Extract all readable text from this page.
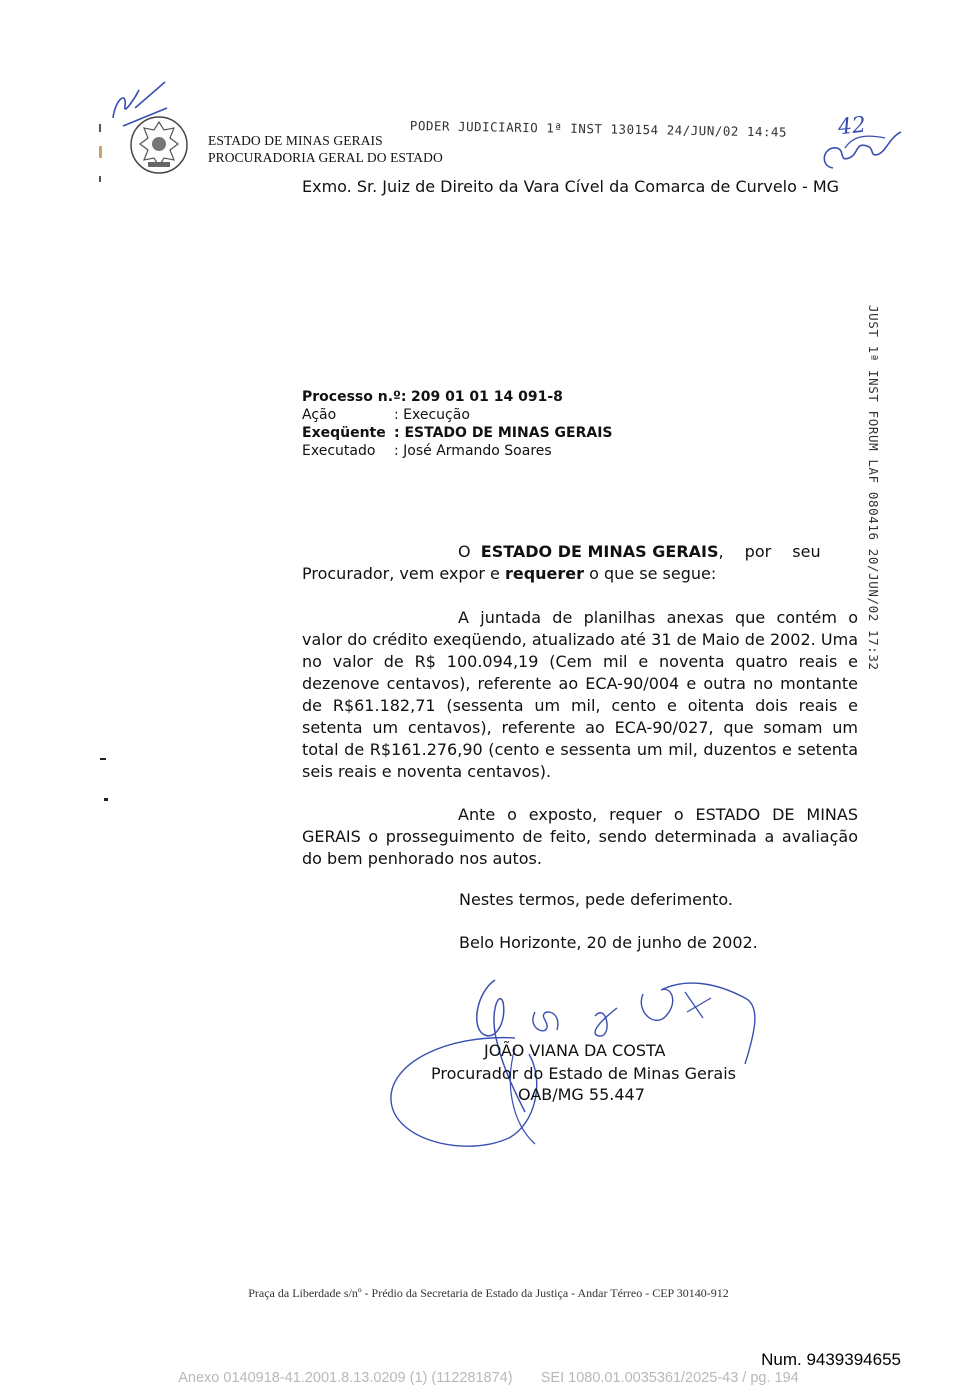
ESTADO DE MINAS GERAIS
PROCURADORIA GERAL DO ESTADO
PODER JUDICIARIO 1ª INST 130154 24/JUN/02 14:45 42
Exmo. Sr. Juiz de Direito da Vara Cível da Comarca de Curvelo - MG
JUST 1ª INST FORUM LAF 080416 20/JUN/02 17:32
Processo n.º: 209 01 01 14 091-8
Ação	: Execução
Exeqüente : ESTADO DE MINAS GERAIS
Executado : José Armando Soares
O ESTADO DE MINAS GERAIS, por seu
Procurador, vem expor e requerer o que se segue:
A juntada de planilhas anexas que contém o valor do crédito exeqüendo, atualizado até 31 de Maio de 2002. Uma no valor de R$ 100.094,19 (Cem mil e noventa quatro reais e dezenove centavos), referente ao ECA-90/004 e outra no montante de R$61.182,71 (sessenta um mil, cento e oitenta dois reais e setenta um centavos), referente ao ECA-90/027, que somam um total de R$161.276,90 (cento e sessenta um mil, duzentos e setenta seis reais e noventa centavos).
Ante o exposto, requer o ESTADO DE MINAS GERAIS o prosseguimento de feito, sendo determinada a avaliação do bem penhorado nos autos.
Nestes termos, pede deferimento.
Belo Horizonte, 20 de junho de 2002.
JOÃO VIANA DA COSTA
Procurador do Estado de Minas Gerais
OAB/MG 55.447
Praça da Liberdade s/nº - Prédio da Secretaria de Estado da Justiça - Andar Térreo - CEP 30140-912
Num. 9439394655
Anexo 0140918-41.2001.8.13.0209 (1) (112281874)       SEI 1080.01.0035361/2025-43 / pg. 194
